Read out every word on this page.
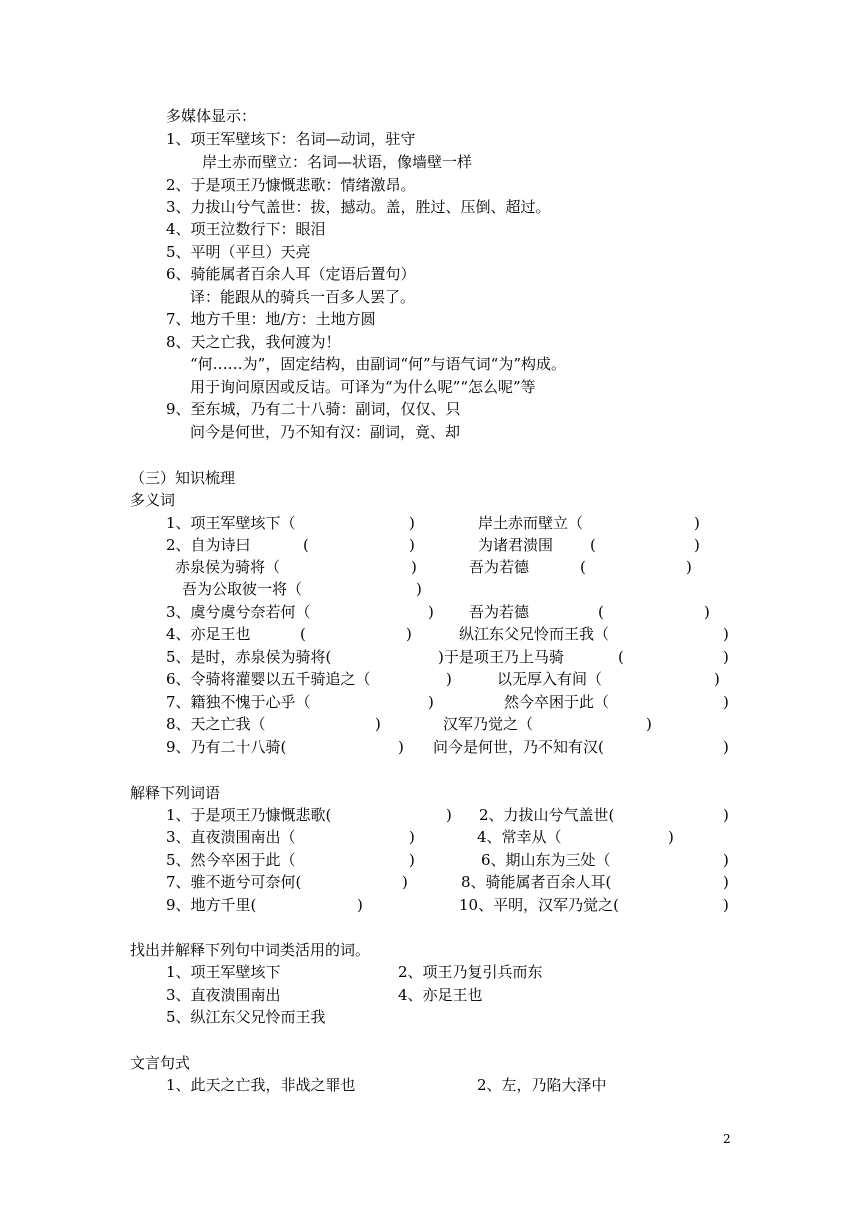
多媒体显示：
1、项王军壁垓下：名词—动词，驻守
岸土赤而壁立：名词—状语，像墙壁一样
2、于是项王乃慷慨悲歌：情绪激昂。
3、力拔山兮气盖世：拔，撼动。盖，胜过、压倒、超过。
4、项王泣数行下：眼泪
5、平明（平旦）天亮
6、骑能属者百余人耳（定语后置句）
译：能跟从的骑兵一百多人罢了。
7、地方千里：地/方：土地方圆
8、天之亡我，我何渡为！
“何……为”，固定结构，由副词“何”与语气词“为”构成。
用于询问原因或反诘。可译为“为什么呢”“怎么呢”等
9、至东城，乃有二十八骑：副词，仅仅、只
问今是何世，乃不知有汉：副词，竟、却
（三）知识梳理
多义词
1、项王军壁垓下（	)	岸土赤而壁立（	)
2、自为诗曰	(	)	为诸君溃围 (	)
赤泉侯为骑将（	)	吾为若德	(	)
吾为公取彼一将（	)
3、虞兮虞兮奈若何（	) 吾为若德	(	)
4、亦足王也	(	)	纵江东父兄怜而王我（	)
5、是时，赤泉侯为骑将(	)于是项王乃上马骑	(	)
6、令骑将灌婴以五千骑追之（	)	以无厚入有间（	)
7、籍独不愧于心乎（	)	然今卒困于此（	)
8、天之亡我（	)	汉军乃觉之（	)
9、乃有二十八骑(	) 问今是何世，乃不知有汉(	)
解释下列词语
1、于是项王乃慷慨悲歌(	) 2、力拔山兮气盖世(	)
3、直夜溃围南出（	)	4、常幸从（	)
5、然今卒困于此（	)	6、期山东为三处（	)
7、骓不逝兮可奈何(	)	8、骑能属者百余人耳(	)
9、地方千里(	)	10、平明，汉军乃觉之(	)
找出并解释下列句中词类活用的词。
1、项王军壁垓下	2、项王乃复引兵而东
3、直夜溃围南出	4、亦足王也
5、纵江东父兄怜而王我
文言句式
1、此天之亡我，非战之罪也	2、左，乃陷大泽中
2
